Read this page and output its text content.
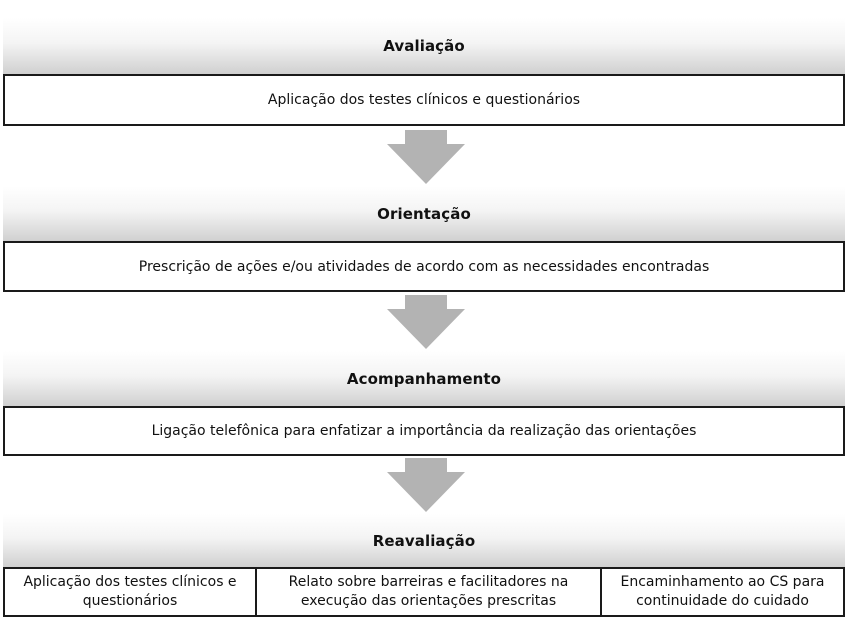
Avaliação
Aplicação dos testes clínicos e questionários
Orientação
Prescrição de ações e/ou atividades de acordo com as necessidades encontradas
Acompanhamento
Ligação telefônica para enfatizar a importância da realização das orientações
Reavaliação
Aplicação dos testes clínicos e questionários
Relato sobre barreiras e facilitadores na execução das orientações prescritas
Encaminhamento ao CS para continuidade do cuidado
